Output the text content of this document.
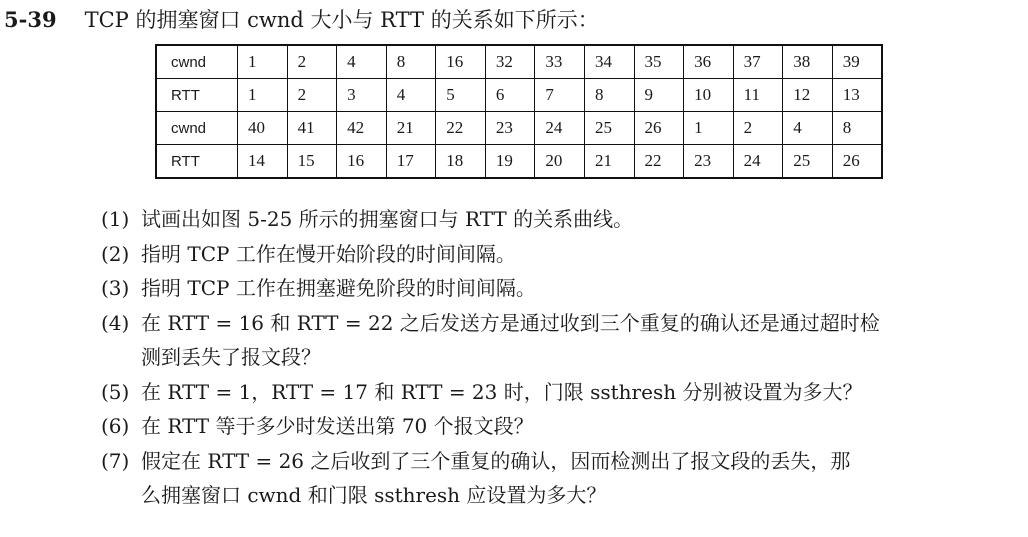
5-39 TCP 的拥塞窗口 cwnd 大小与 RTT 的关系如下所示：
cwnd	1	2	4	8	16	32	33	34	35	36	37	38	39
RTT	1	2	3	4	5	6	7	8	9	10	11	12	13
cwnd	40	41	42	21	22	23	24	25	26	1	2	4	8
RTT	14	15	16	17	18	19	20	21	22	23	24	25	26
(1) 试画出如图 5-25 所示的拥塞窗口与 RTT 的关系曲线。
(2) 指明 TCP 工作在慢开始阶段的时间间隔。
(3) 指明 TCP 工作在拥塞避免阶段的时间间隔。
(4) 在 RTT = 16 和 RTT = 22 之后发送方是通过收到三个重复的确认还是通过超时检
测到丢失了报文段？
(5) 在 RTT = 1，RTT = 17 和 RTT = 23 时，门限 ssthresh 分别被设置为多大？
(6) 在 RTT 等于多少时发送出第 70 个报文段？
(7) 假定在 RTT = 26 之后收到了三个重复的确认，因而检测出了报文段的丢失，那
么拥塞窗口 cwnd 和门限 ssthresh 应设置为多大？
